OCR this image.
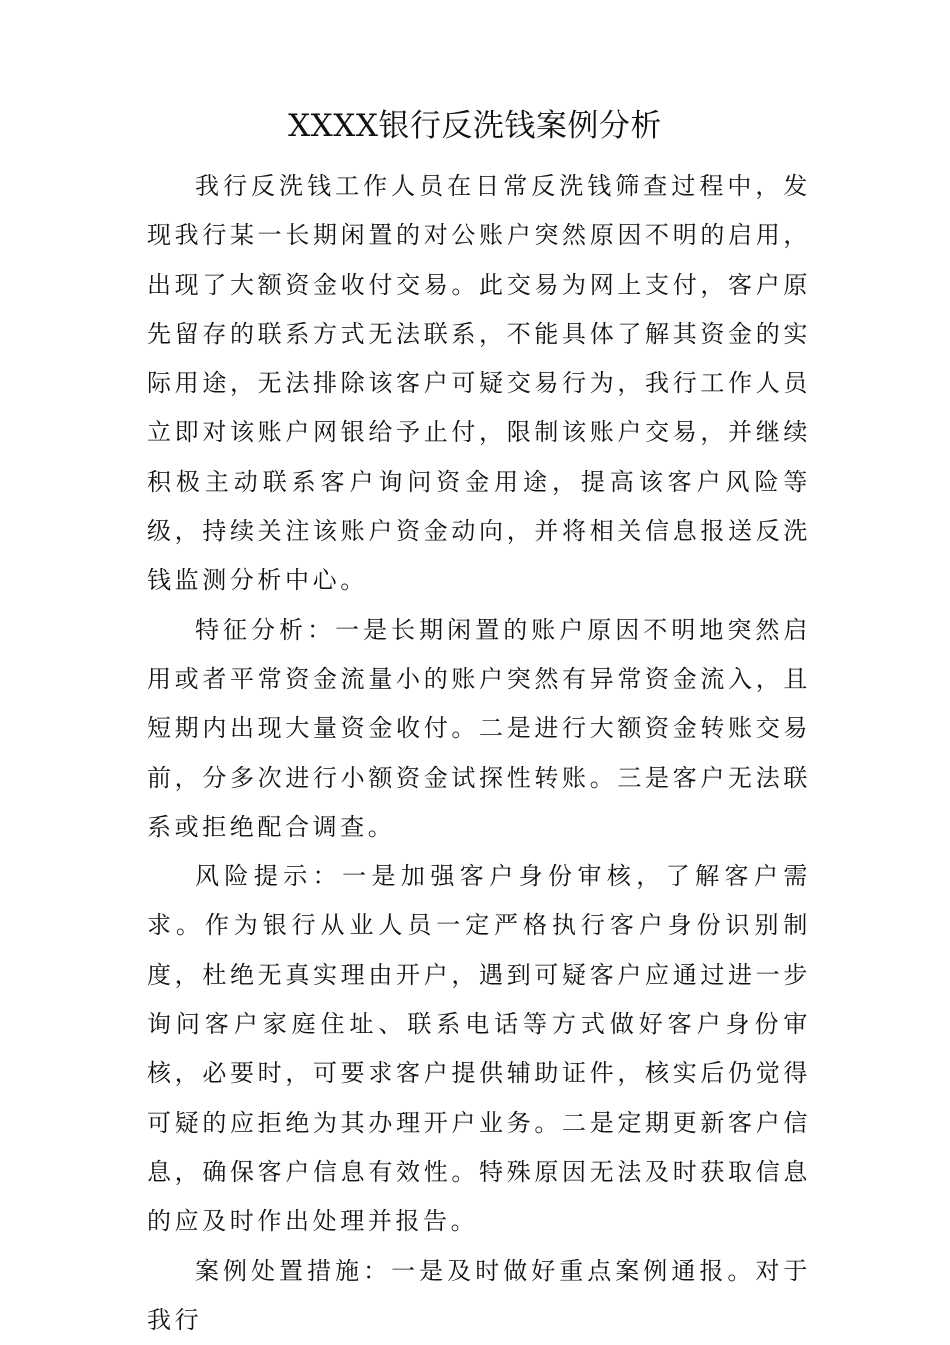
XXXX银行反洗钱案例分析

我行反洗钱工作人员在日常反洗钱筛查过程中，发现我行某一长期闲置的对公账户突然原因不明的启用，出现了大额资金收付交易。此交易为网上支付，客户原先留存的联系方式无法联系，不能具体了解其资金的实际用途，无法排除该客户可疑交易行为，我行工作人员立即对该账户网银给予止付，限制该账户交易，并继续积极主动联系客户询问资金用途，提高该客户风险等级，持续关注该账户资金动向，并将相关信息报送反洗钱监测分析中心。

特征分析：一是长期闲置的账户原因不明地突然启用或者平常资金流量小的账户突然有异常资金流入，且短期内出现大量资金收付。二是进行大额资金转账交易前，分多次进行小额资金试探性转账。三是客户无法联系或拒绝配合调查。

风险提示：一是加强客户身份审核，了解客户需求。作为银行从业人员一定严格执行客户身份识别制度，杜绝无真实理由开户，遇到可疑客户应通过进一步询问客户家庭住址、联系电话等方式做好客户身份审核，必要时，可要求客户提供辅助证件，核实后仍觉得可疑的应拒绝为其办理开户业务。二是定期更新客户信息，确保客户信息有效性。特殊原因无法及时获取信息的应及时作出处理并报告。

案例处置措施：一是及时做好重点案例通报。对于我行
